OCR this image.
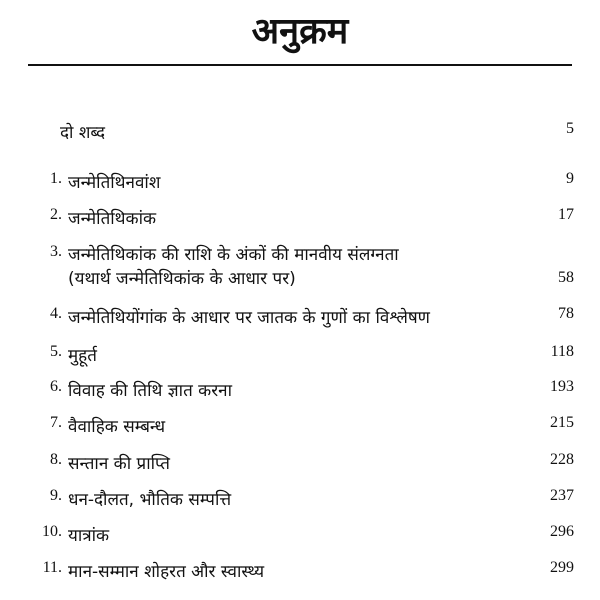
अनुक्रम
दो शब्द	5
1. जन्मेतिथिनवांश	9
2. जन्मेतिथिकांक	17
3. जन्मेतिथिकांक की राशि के अंकों की मानवीय संलग्नता
(यथार्थ जन्मेतिथिकांक के आधार पर)	58
4. जन्मेतिथियोंगांक के आधार पर जातक के गुणों का विश्लेषण	78
5. मुहूर्त	118
6. विवाह की तिथि ज्ञात करना	193
7. वैवाहिक सम्बन्ध	215
8. सन्तान की प्राप्ति	228
9. धन-दौलत, भौतिक सम्पत्ति	237
10. यात्रांक	296
11. मान-सम्मान शोहरत और स्वास्थ्य	299
